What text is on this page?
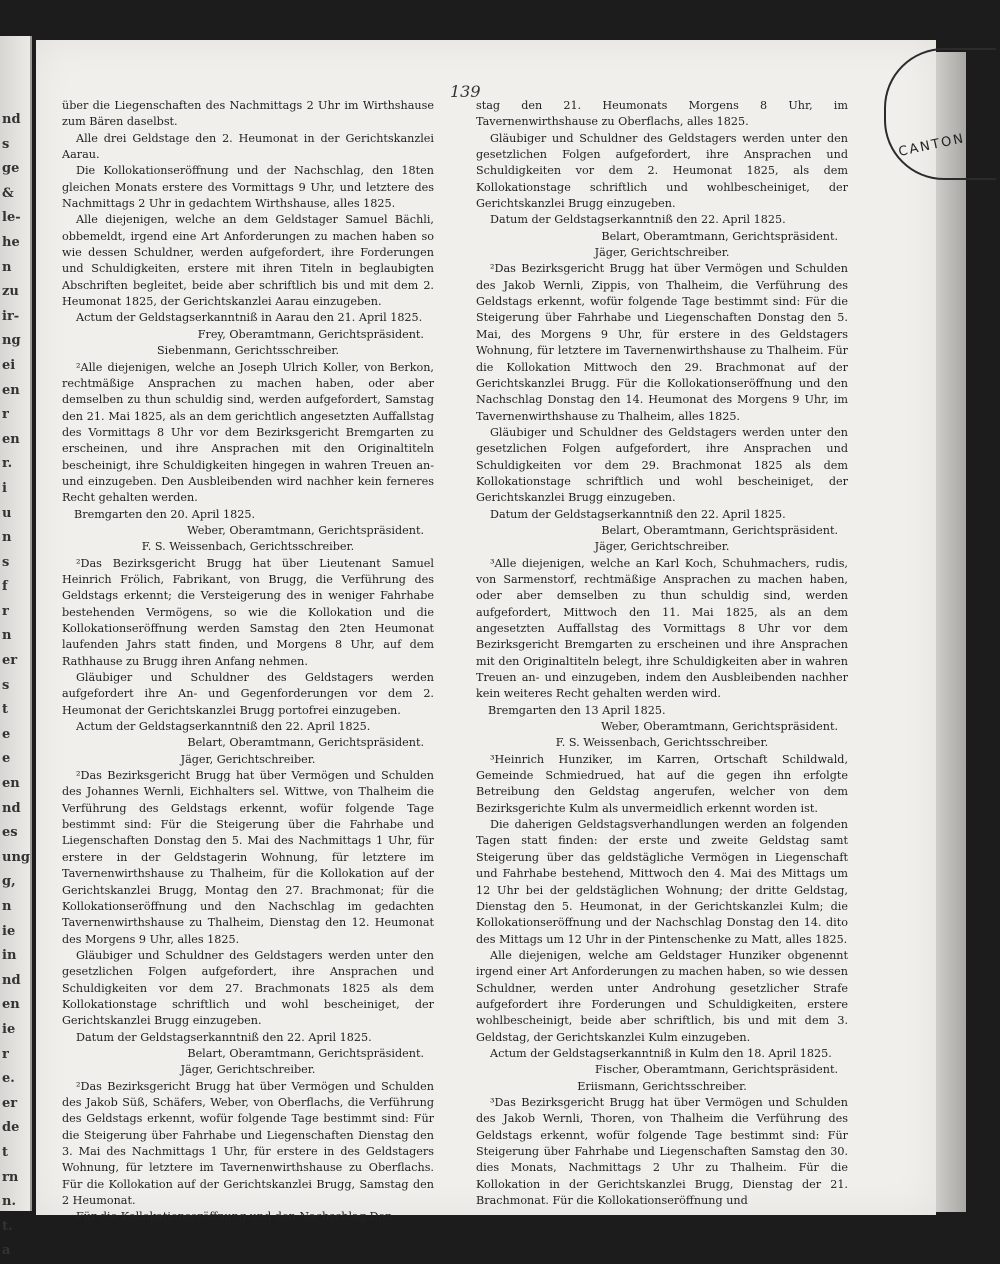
nd
s
ge
&
le-
he
n
zu
ir-
ng
ei
en
r
en
r.
i
u
n
s
f
r
n
er
s
t
e
e
en
nd
es
ung
g,
n
ie
in
nd
en
ie
r
e.
er
de
t
rn
n.
t.
a
CANTON
139

über die Liegenschaften des Nachmittags 2 Uhr im Wirthshause zum Bären daselbst.

Alle drei Geldstage den 2. Heumonat in der Gerichtskanzlei Aarau.

Die Kollokationseröffnung und der Nachschlag, den 18ten gleichen Monats erstere des Vormittags 9 Uhr, und letztere des Nachmittags 2 Uhr in gedachtem Wirthshause, alles 1825.

Alle diejenigen, welche an dem Geldstager Samuel Bächli, obbemeldt, irgend eine Art Anforderungen zu machen haben so wie dessen Schuldner, werden aufgefordert, ihre Forderungen und Schuldigkeiten, erstere mit ihren Titeln in beglaubigten Abschriften begleitet, beide aber schriftlich bis und mit dem 2. Heumonat 1825, der Gerichtskanzlei Aarau einzugeben.

Actum der Geldstagserkanntniß in Aarau den 21. April 1825.

Frey, Oberamtmann, Gerichtspräsident.

Siebenmann, Gerichtsschreiber.

²Alle diejenigen, welche an Joseph Ulrich Koller, von Berkon, rechtmäßige Ansprachen zu machen haben, oder aber demselben zu thun schuldig sind, werden aufgefordert, Samstag den 21. Mai 1825, als an dem gerichtlich angesetzten Auffallstag des Vormittags 8 Uhr vor dem Bezirksgericht Bremgarten zu erscheinen, und ihre Ansprachen mit den Originaltiteln bescheinigt, ihre Schuldigkeiten hingegen in wahren Treuen an- und einzugeben. Den Ausbleibenden wird nachher kein ferneres Recht gehalten werden.

Bremgarten den 20. April 1825.

Weber, Oberamtmann, Gerichtspräsident.

F. S. Weissenbach, Gerichtsschreiber.

²Das Bezirksgericht Brugg hat über Lieutenant Samuel Heinrich Frölich, Fabrikant, von Brugg, die Verführung des Geldstags erkennt; die Versteigerung des in weniger Fahrhabe bestehenden Vermögens, so wie die Kollokation und die Kollokationseröffnung werden Samstag den 2ten Heumonat laufenden Jahrs statt finden, und Morgens 8 Uhr, auf dem Rathhause zu Brugg ihren Anfang nehmen.

Gläubiger und Schuldner des Geldstagers werden aufgefordert ihre An- und Gegenforderungen vor dem 2. Heumonat der Gerichtskanzlei Brugg portofrei einzugeben.

Actum der Geldstagserkanntniß den 22. April 1825.

Belart, Oberamtmann, Gerichtspräsident.

Jäger, Gerichtschreiber.

²Das Bezirksgericht Brugg hat über Vermögen und Schulden des Johannes Wernli, Eichhalters sel. Wittwe, von Thalheim die Verführung des Geldstags erkennt, wofür folgende Tage bestimmt sind: Für die Steigerung über die Fahrhabe und Liegenschaften Donstag den 5. Mai des Nachmittags 1 Uhr, für erstere in der Geldstagerin Wohnung, für letztere im Tavernenwirthshause zu Thalheim, für die Kollokation auf der Gerichtskanzlei Brugg, Montag den 27. Brachmonat; für die Kollokationseröffnung und den Nachschlag im gedachten Tavernenwirthshause zu Thalheim, Dienstag den 12. Heumonat des Morgens 9 Uhr, alles 1825.

Gläubiger und Schuldner des Geldstagers werden unter den gesetzlichen Folgen aufgefordert, ihre Ansprachen und Schuldigkeiten vor dem 27. Brachmonats 1825 als dem Kollokationstage schriftlich und wohl bescheiniget, der Gerichtskanzlei Brugg einzugeben.

Datum der Geldstagserkanntniß den 22. April 1825.

Belart, Oberamtmann, Gerichtspräsident.

Jäger, Gerichtschreiber.

²Das Bezirksgericht Brugg hat über Vermögen und Schulden des Jakob Süß, Schäfers, Weber, von Oberflachs, die Verführung des Geldstags erkennt, wofür folgende Tage bestimmt sind: Für die Steigerung über Fahrhabe und Liegenschaften Dienstag den 3. Mai des Nachmittags 1 Uhr, für erstere in des Geldstagers Wohnung, für letztere im Tavernenwirthshause zu Oberflachs. Für die Kollokation auf der Gerichtskanzlei Brugg, Samstag den 2 Heumonat.

Für die Kollokationseröffnung und den Nachschlag Don-

stag den 21. Heumonats Morgens 8 Uhr, im Tavernenwirthshause zu Oberflachs, alles 1825.

Gläubiger und Schuldner des Geldstagers werden unter den gesetzlichen Folgen aufgefordert, ihre Ansprachen und Schuldigkeiten vor dem 2. Heumonat 1825, als dem Kollokationstage schriftlich und wohlbescheiniget, der Gerichtskanzlei Brugg einzugeben.

Datum der Geldstagserkanntniß den 22. April 1825.

Belart, Oberamtmann, Gerichtspräsident.

Jäger, Gerichtschreiber.

²Das Bezirksgericht Brugg hat über Vermögen und Schulden des Jakob Wernli, Zippis, von Thalheim, die Verführung des Geldstags erkennt, wofür folgende Tage bestimmt sind: Für die Steigerung über Fahrhabe und Liegenschaften Donstag den 5. Mai, des Morgens 9 Uhr, für erstere in des Geldstagers Wohnung, für letztere im Tavernenwirthshause zu Thalheim. Für die Kollokation Mittwoch den 29. Brachmonat auf der Gerichtskanzlei Brugg. Für die Kollokationseröffnung und den Nachschlag Donstag den 14. Heumonat des Morgens 9 Uhr, im Tavernenwirthshause zu Thalheim, alles 1825.

Gläubiger und Schuldner des Geldstagers werden unter den gesetzlichen Folgen aufgefordert, ihre Ansprachen und Schuldigkeiten vor dem 29. Brachmonat 1825 als dem Kollokationstage schriftlich und wohl bescheiniget, der Gerichtskanzlei Brugg einzugeben.

Datum der Geldstagserkanntniß den 22. April 1825.

Belart, Oberamtmann, Gerichtspräsident.

Jäger, Gerichtschreiber.

³Alle diejenigen, welche an Karl Koch, Schuhmachers, rudis, von Sarmenstorf, rechtmäßige Ansprachen zu machen haben, oder aber demselben zu thun schuldig sind, werden aufgefordert, Mittwoch den 11. Mai 1825, als an dem angesetzten Auffallstag des Vormittags 8 Uhr vor dem Bezirksgericht Bremgarten zu erscheinen und ihre Ansprachen mit den Originaltiteln belegt, ihre Schuldigkeiten aber in wahren Treuen an- und einzugeben, indem den Ausbleibenden nachher kein weiteres Recht gehalten werden wird.

Bremgarten den 13 April 1825.

Weber, Oberamtmann, Gerichtspräsident.

F. S. Weissenbach, Gerichtsschreiber.

³Heinrich Hunziker, im Karren, Ortschaft Schildwald, Gemeinde Schmiedrued, hat auf die gegen ihn erfolgte Betreibung den Geldstag angerufen, welcher von dem Bezirksgerichte Kulm als unvermeidlich erkennt worden ist.

Die daherigen Geldstagsverhandlungen werden an folgenden Tagen statt finden: der erste und zweite Geldstag samt Steigerung über das geldstägliche Vermögen in Liegenschaft und Fahrhabe bestehend, Mittwoch den 4. Mai des Mittags um 12 Uhr bei der geldstäglichen Wohnung; der dritte Geldstag, Dienstag den 5. Heumonat, in der Gerichtskanzlei Kulm; die Kollokationseröffnung und der Nachschlag Donstag den 14. dito des Mittags um 12 Uhr in der Pintenschenke zu Matt, alles 1825.

Alle diejenigen, welche am Geldstager Hunziker obgenennt irgend einer Art Anforderungen zu machen haben, so wie dessen Schuldner, werden unter Androhung gesetzlicher Strafe aufgefordert ihre Forderungen und Schuldigkeiten, erstere wohlbescheinigt, beide aber schriftlich, bis und mit dem 3. Geldstag, der Gerichtskanzlei Kulm einzugeben.

Actum der Geldstagserkanntniß in Kulm den 18. April 1825.

Fischer, Oberamtmann, Gerichtspräsident.

Eriismann, Gerichtsschreiber.

³Das Bezirksgericht Brugg hat über Vermögen und Schulden des Jakob Wernli, Thoren, von Thalheim die Verführung des Geldstags erkennt, wofür folgende Tage bestimmt sind: Für Steigerung über Fahrhabe und Liegenschaften Samstag den 30. dies Monats, Nachmittags 2 Uhr zu Thalheim. Für die Kollokation in der Gerichtskanzlei Brugg, Dienstag der 21. Brachmonat. Für die Kollokationseröffnung und
